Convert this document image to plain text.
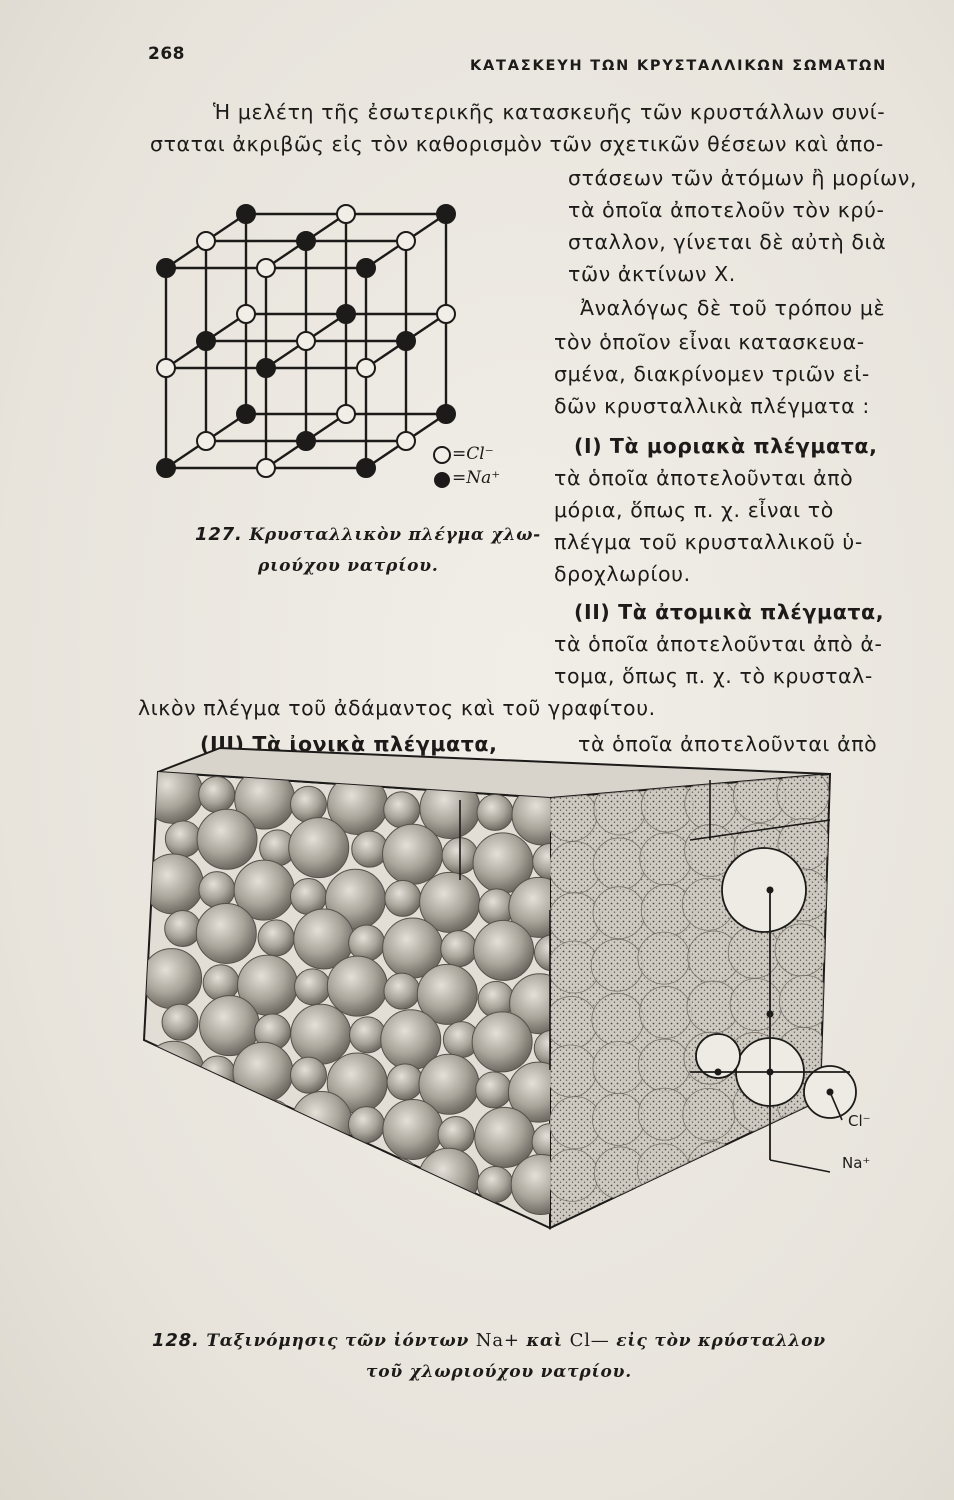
268
ΚΑΤΑΣΚΕΥΗ ΤΩΝ ΚΡΥΣΤΑΛΛΙΚΩΝ ΣΩΜΑΤΩΝ
Ἡ μελέτη τῆς ἐσωτερικῆς κατασκευῆς τῶν κρυστάλλων συνί-
σταται ἀκριβῶς εἰς τὸν καθορισμὸν τῶν σχετικῶν θέσεων καὶ ἀπο-
στάσεων τῶν ἀτόμων ἢ μορίων,
τὰ ὁποῖα ἀποτελοῦν τὸν κρύ-
σταλλον, γίνεται δὲ αὐτὴ διὰ
τῶν ἀκτίνων Χ.
Ἀναλόγως δὲ τοῦ τρόπου μὲ
τὸν ὁποῖον εἶναι κατασκευα-
σμένα, διακρίνομεν τριῶν εἰ-
δῶν κρυσταλλικὰ πλέγματα :
(I) Τὰ μοριακὰ πλέγματα,
τὰ ὁποῖα ἀποτελοῦνται ἀπὸ
μόρια, ὅπως π. χ. εἶναι τὸ
πλέγμα τοῦ κρυσταλλικοῦ ὑ-
δροχλωρίου.
(II) Τὰ ἀτομικὰ πλέγματα,
τὰ ὁποῖα ἀποτελοῦνται ἀπὸ ἀ-
τομα, ὅπως π. χ. τὸ κρυσταλ-
λικὸν πλέγμα τοῦ ἀδάμαντος καὶ τοῦ γραφίτου.
(III) Τὰ ἰονικὰ πλέγματα,	τὰ ὁποῖα ἀποτελοῦνται ἀπὸ
=Cl⁻
=Na⁺
127. Κρυσταλλικὸν πλέγμα χλω-
ριούχου νατρίου.
Cl⁻
Na⁺
128. Ταξινόμησις τῶν ἰόντων Na+ καὶ Cl— εἰς τὸν κρύσταλλον
τοῦ χλωριούχου νατρίου.
